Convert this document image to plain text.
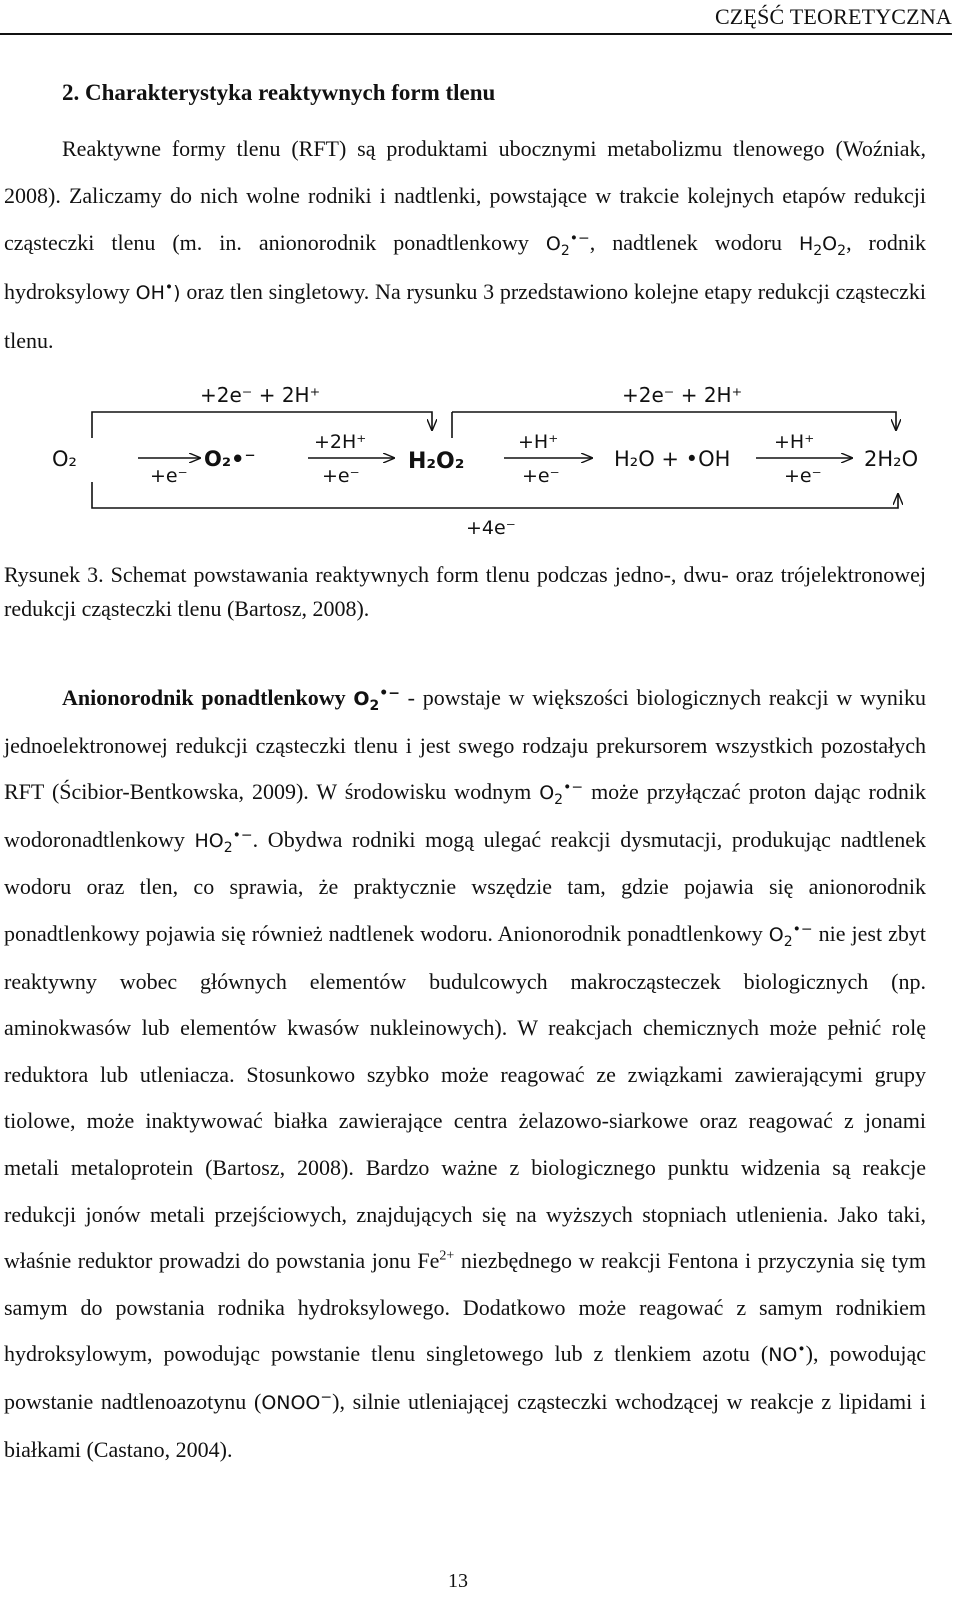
CZĘŚĆ TEORETYCZNA
2. Charakterystyka reaktywnych form tlenu

Reaktywne formy tlenu (RFT) są produktami ubocznymi metabolizmu tlenowego (Woźniak, 2008). Zaliczamy do nich wolne rodniki i nadtlenki, powstające w trakcie kolejnych etapów redukcji cząsteczki tlenu (m. in. anionorodnik ponadtlenkowy $O_2^{•-}$, nadtlenek wodoru $H_2O_2$, rodnik hydroksylowy OH•) oraz tlen singletowy. Na rysunku 3 przedstawiono kolejne etapy redukcji cząsteczki tlenu.

+2e⁻ + 2H⁺	+2e⁻ + 2H⁺
O₂	O₂•⁻	H₂O₂	H₂O + •OH	2H₂O
+e⁻
+2H⁺
+e⁻
+H⁺
+e⁻
+H⁺
+e⁻
+4e⁻

Rysunek 3. Schemat powstawania reaktywnych form tlenu podczas jedno-, dwu- oraz trójelektronowej redukcji cząsteczki tlenu (Bartosz, 2008).

Anionorodnik ponadtlenkowy $O_2^{•-}$ - powstaje w większości biologicznych reakcji w wyniku jednoelektronowej redukcji cząsteczki tlenu i jest swego rodzaju prekursorem wszystkich pozostałych RFT (Ścibior-Bentkowska, 2009). W środowisku wodnym $O_2^{•-}$ może przyłączać proton dając rodnik wodoronadtlenkowy $HO_2^{•-}$. Obydwa rodniki mogą ulegać reakcji dysmutacji, produkując nadtlenek wodoru oraz tlen, co sprawia, że praktycznie wszędzie tam, gdzie pojawia się anionorodnik ponadtlenkowy pojawia się również nadtlenek wodoru. Anionorodnik ponadtlenkowy $O_2^{•-}$ nie jest zbyt reaktywny wobec głównych elementów budulcowych makrocząsteczek biologicznych (np. aminokwasów lub elementów kwasów nukleinowych). W reakcjach chemicznych może pełnić rolę reduktora lub utleniacza. Stosunkowo szybko może reagować ze związkami zawierającymi grupy tiolowe, może inaktywować białka zawierające centra żelazowo-siarkowe oraz reagować z jonami metali metaloprotein (Bartosz, 2008). Bardzo ważne z biologicznego punktu widzenia są reakcje redukcji jonów metali przejściowych, znajdujących się na wyższych stopniach utlenienia. Jako taki, właśnie reduktor prowadzi do powstania jonu $Fe^{2+}$ niezbędnego w reakcji Fentona i przyczynia się tym samym do powstania rodnika hydroksylowego. Dodatkowo może reagować z samym rodnikiem hydroksylowym, powodując powstanie tlenu singletowego lub z tlenkiem azotu (NO•), powodując powstanie nadtlenoazotynu (ONOO−), silnie utleniającej cząsteczki wchodzącej w reakcje z lipidami i białkami (Castano, 2004).

13
